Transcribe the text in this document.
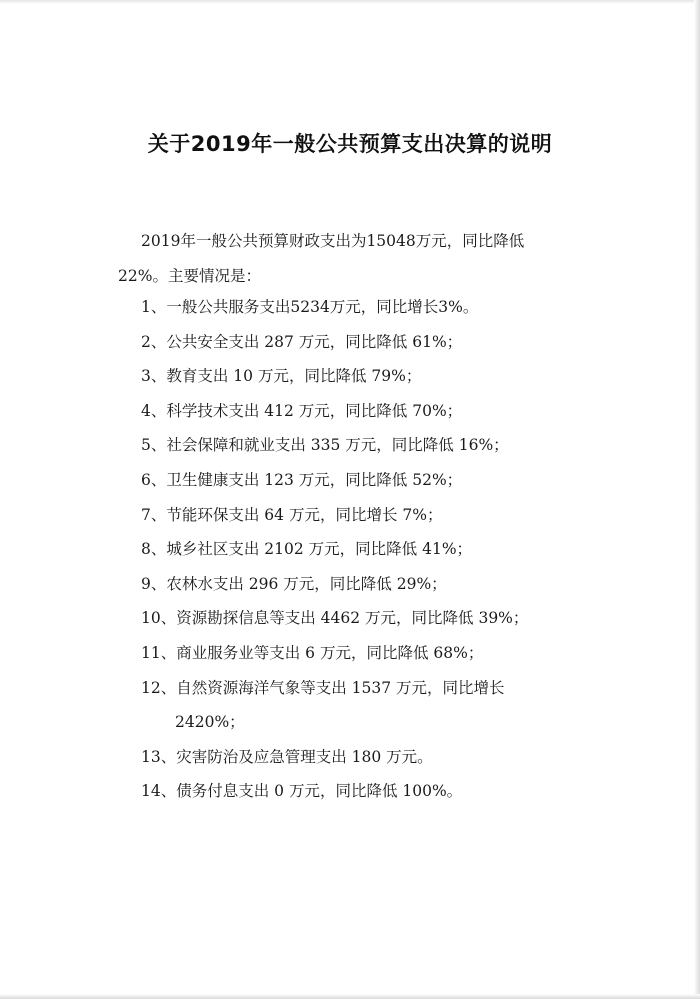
关于2019年一般公共预算支出决算的说明
2019年一般公共预算财政支出为15048万元，同比降低
22%。主要情况是：
1、一般公共服务支出5234万元，同比增长3%。
2、公共安全支出 287 万元，同比降低 61%；
3、教育支出 10 万元，同比降低 79%；
4、科学技术支出 412 万元，同比降低 70%；
5、社会保障和就业支出 335 万元，同比降低 16%；
6、卫生健康支出 123 万元，同比降低 52%；
7、节能环保支出 64 万元，同比增长 7%；
8、城乡社区支出 2102 万元，同比降低 41%；
9、农林水支出 296 万元，同比降低 29%；
10、资源勘探信息等支出 4462 万元，同比降低 39%；
11、商业服务业等支出 6 万元，同比降低 68%；
12、自然资源海洋气象等支出 1537 万元，同比增长
2420%；
13、灾害防治及应急管理支出 180 万元。
14、债务付息支出 0 万元，同比降低 100%。
